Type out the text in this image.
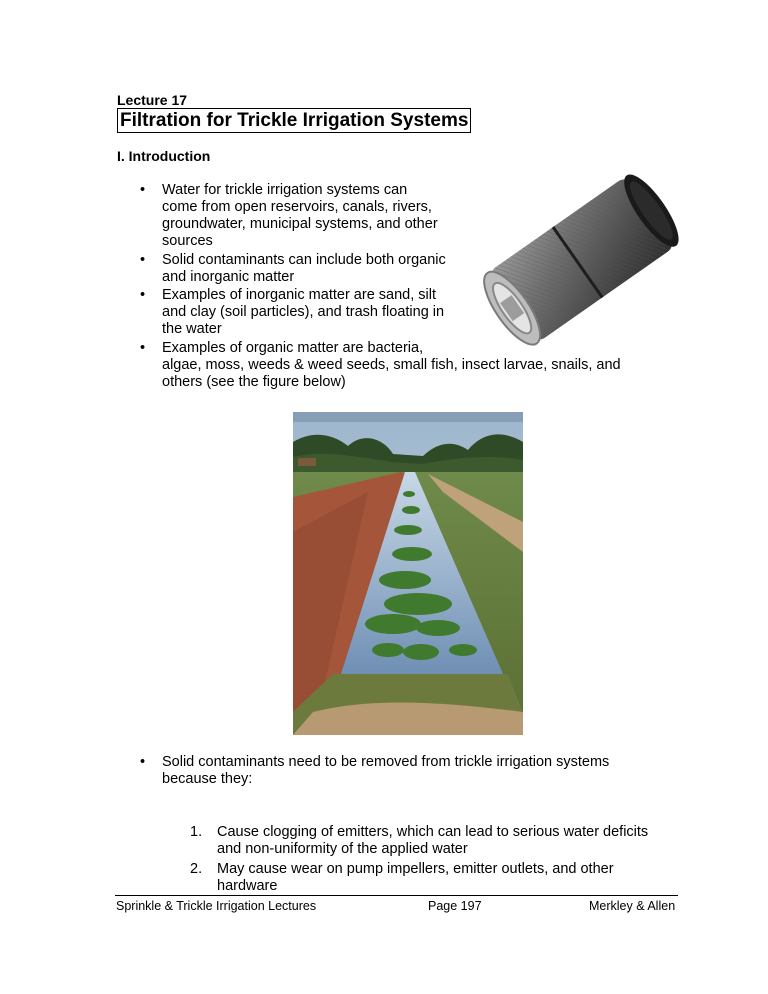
Lecture 17
Filtration for Trickle Irrigation Systems
I. Introduction
•	Water for trickle irrigation systems can
come from open reservoirs, canals, rivers,
groundwater, municipal systems, and other
sources
•	Solid contaminants can include both organic
and inorganic matter
•	Examples of inorganic matter are sand, silt
and clay (soil particles), and trash floating in
the water
•	Examples of organic matter are bacteria,
algae, moss, weeds & weed seeds, small fish, insect larvae, snails, and
others (see the figure below)
•	Solid contaminants need to be removed from trickle irrigation systems
because they:
1. Cause clogging of emitters, which can lead to serious water deficits
and non-uniformity of the applied water
2. May cause wear on pump impellers, emitter outlets, and other
hardware
Sprinkle & Trickle Irrigation Lectures	Page 197	Merkley & Allen
